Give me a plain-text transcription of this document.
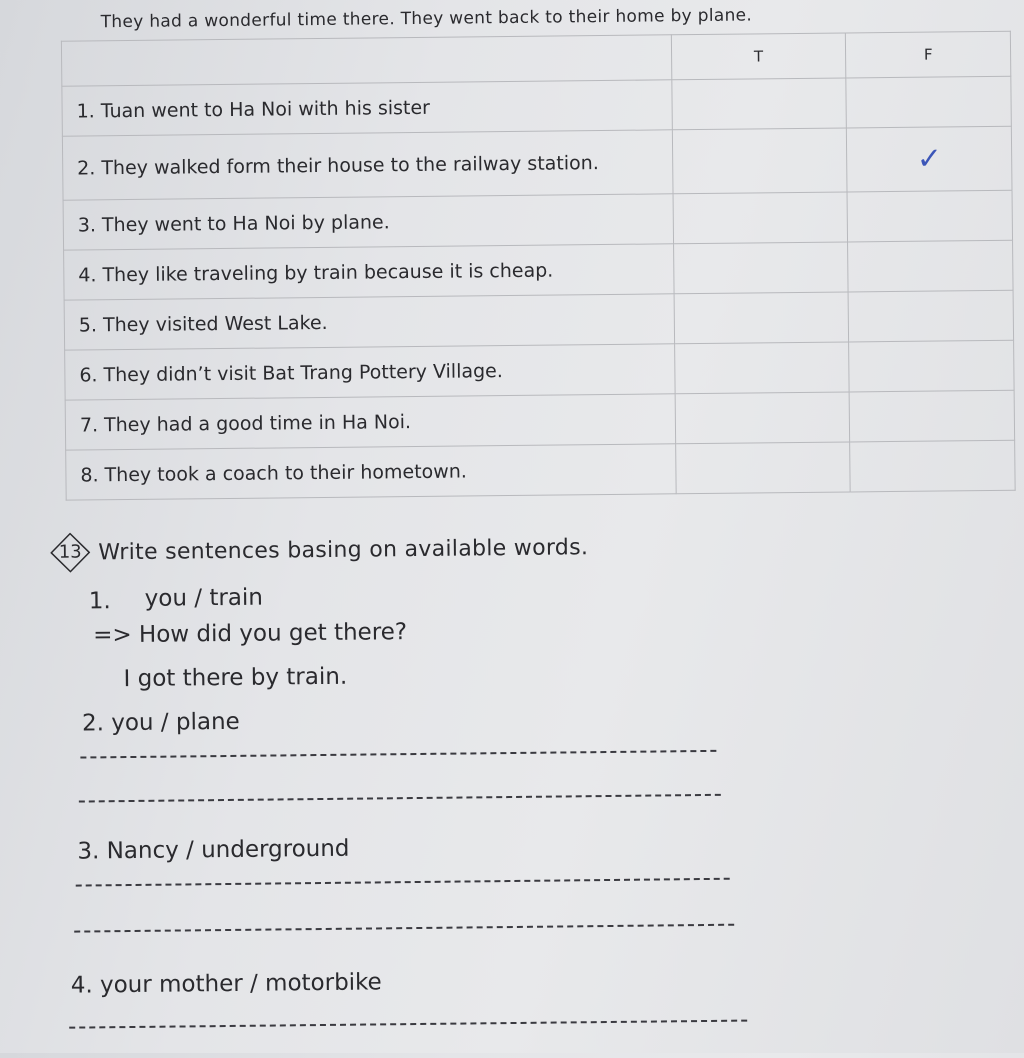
They had a wonderful time there. They went back to their home by plane.
	T	F
1. Tuan went to Ha Noi with his sister		
2. They walked form their house to the railway station.		✓
3. They went to Ha Noi by plane.		
4. They like traveling by train because it is cheap.		
5. They visited West Lake.		
6. They didn’t visit Bat Trang Pottery Village.		
7. They had a good time in Ha Noi.		
8. They took a coach to their hometown.		
13 Write sentences basing on available words.
1. you / train
=> How did you get there?
I got there by train.
2. you / plane
3. Nancy / underground
4. your mother / motorbike
